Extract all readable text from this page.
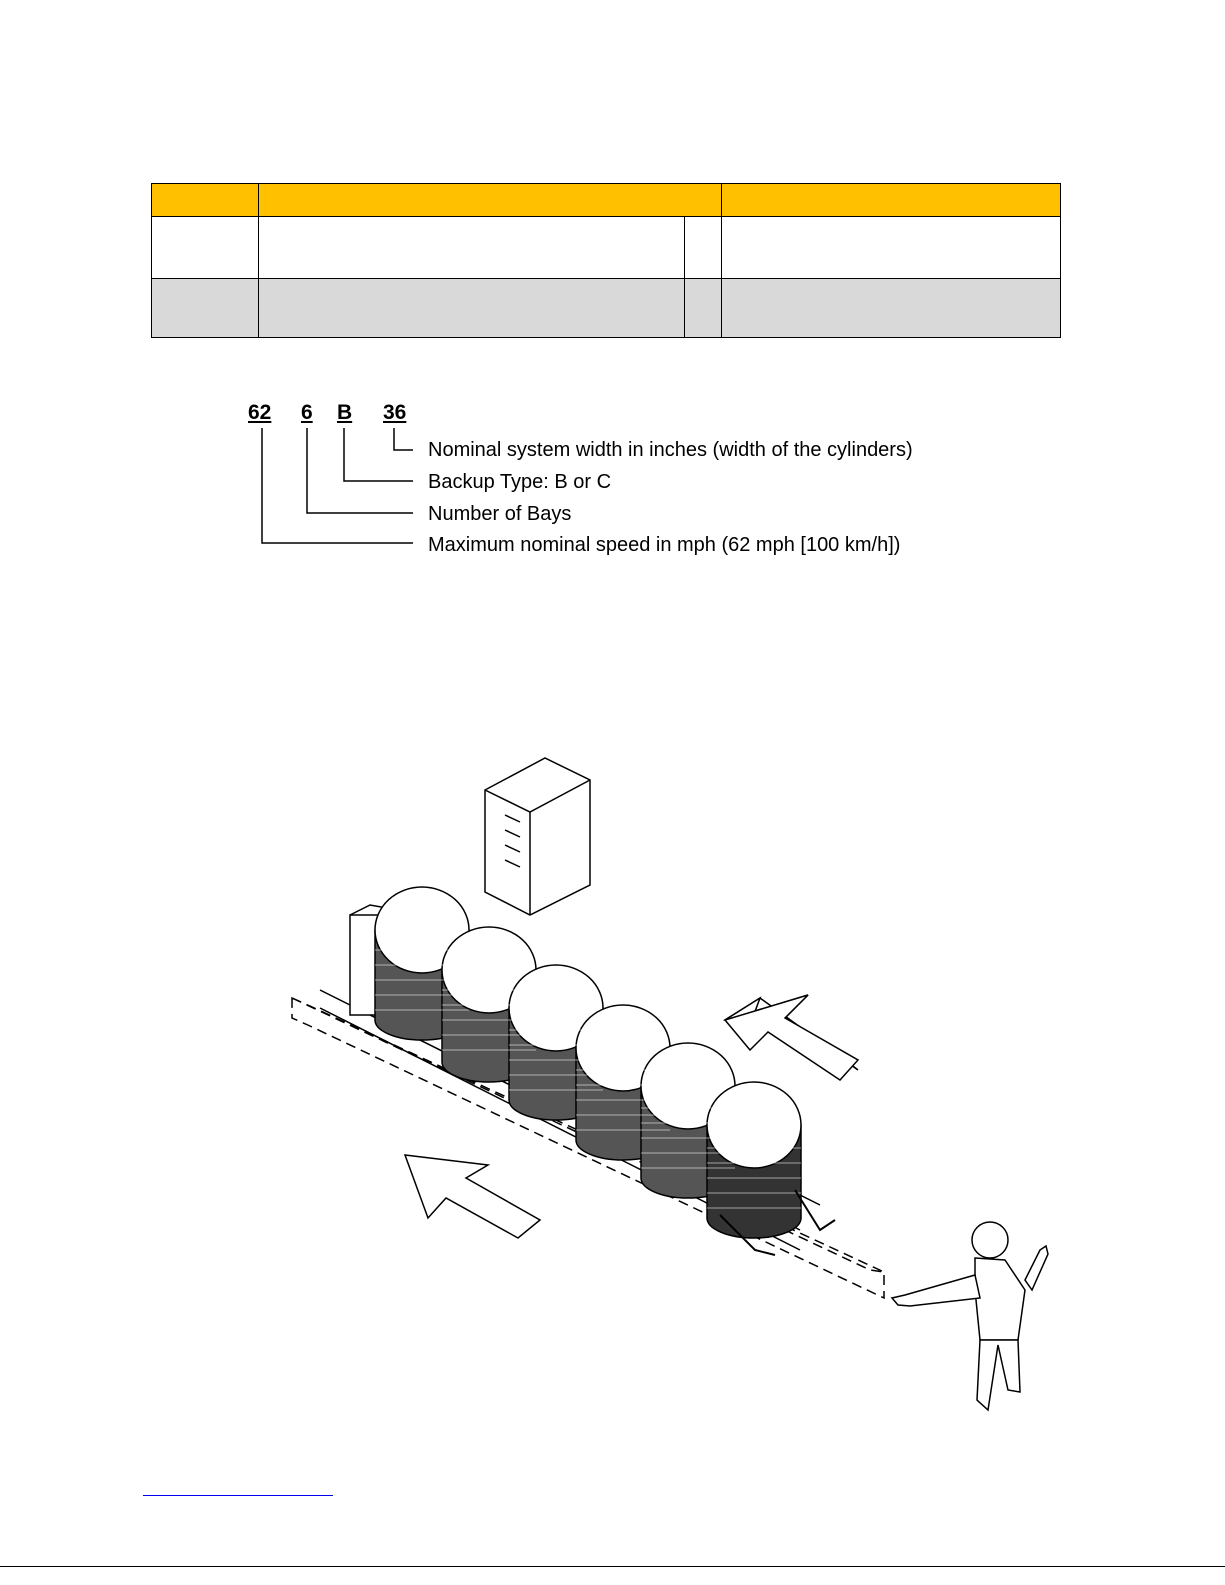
62 6 B 36
Nominal system width in inches (width of the cylinders)
Backup Type: B or C
Number of Bays
Maximum nominal speed in mph (62 mph [100 km/h])
